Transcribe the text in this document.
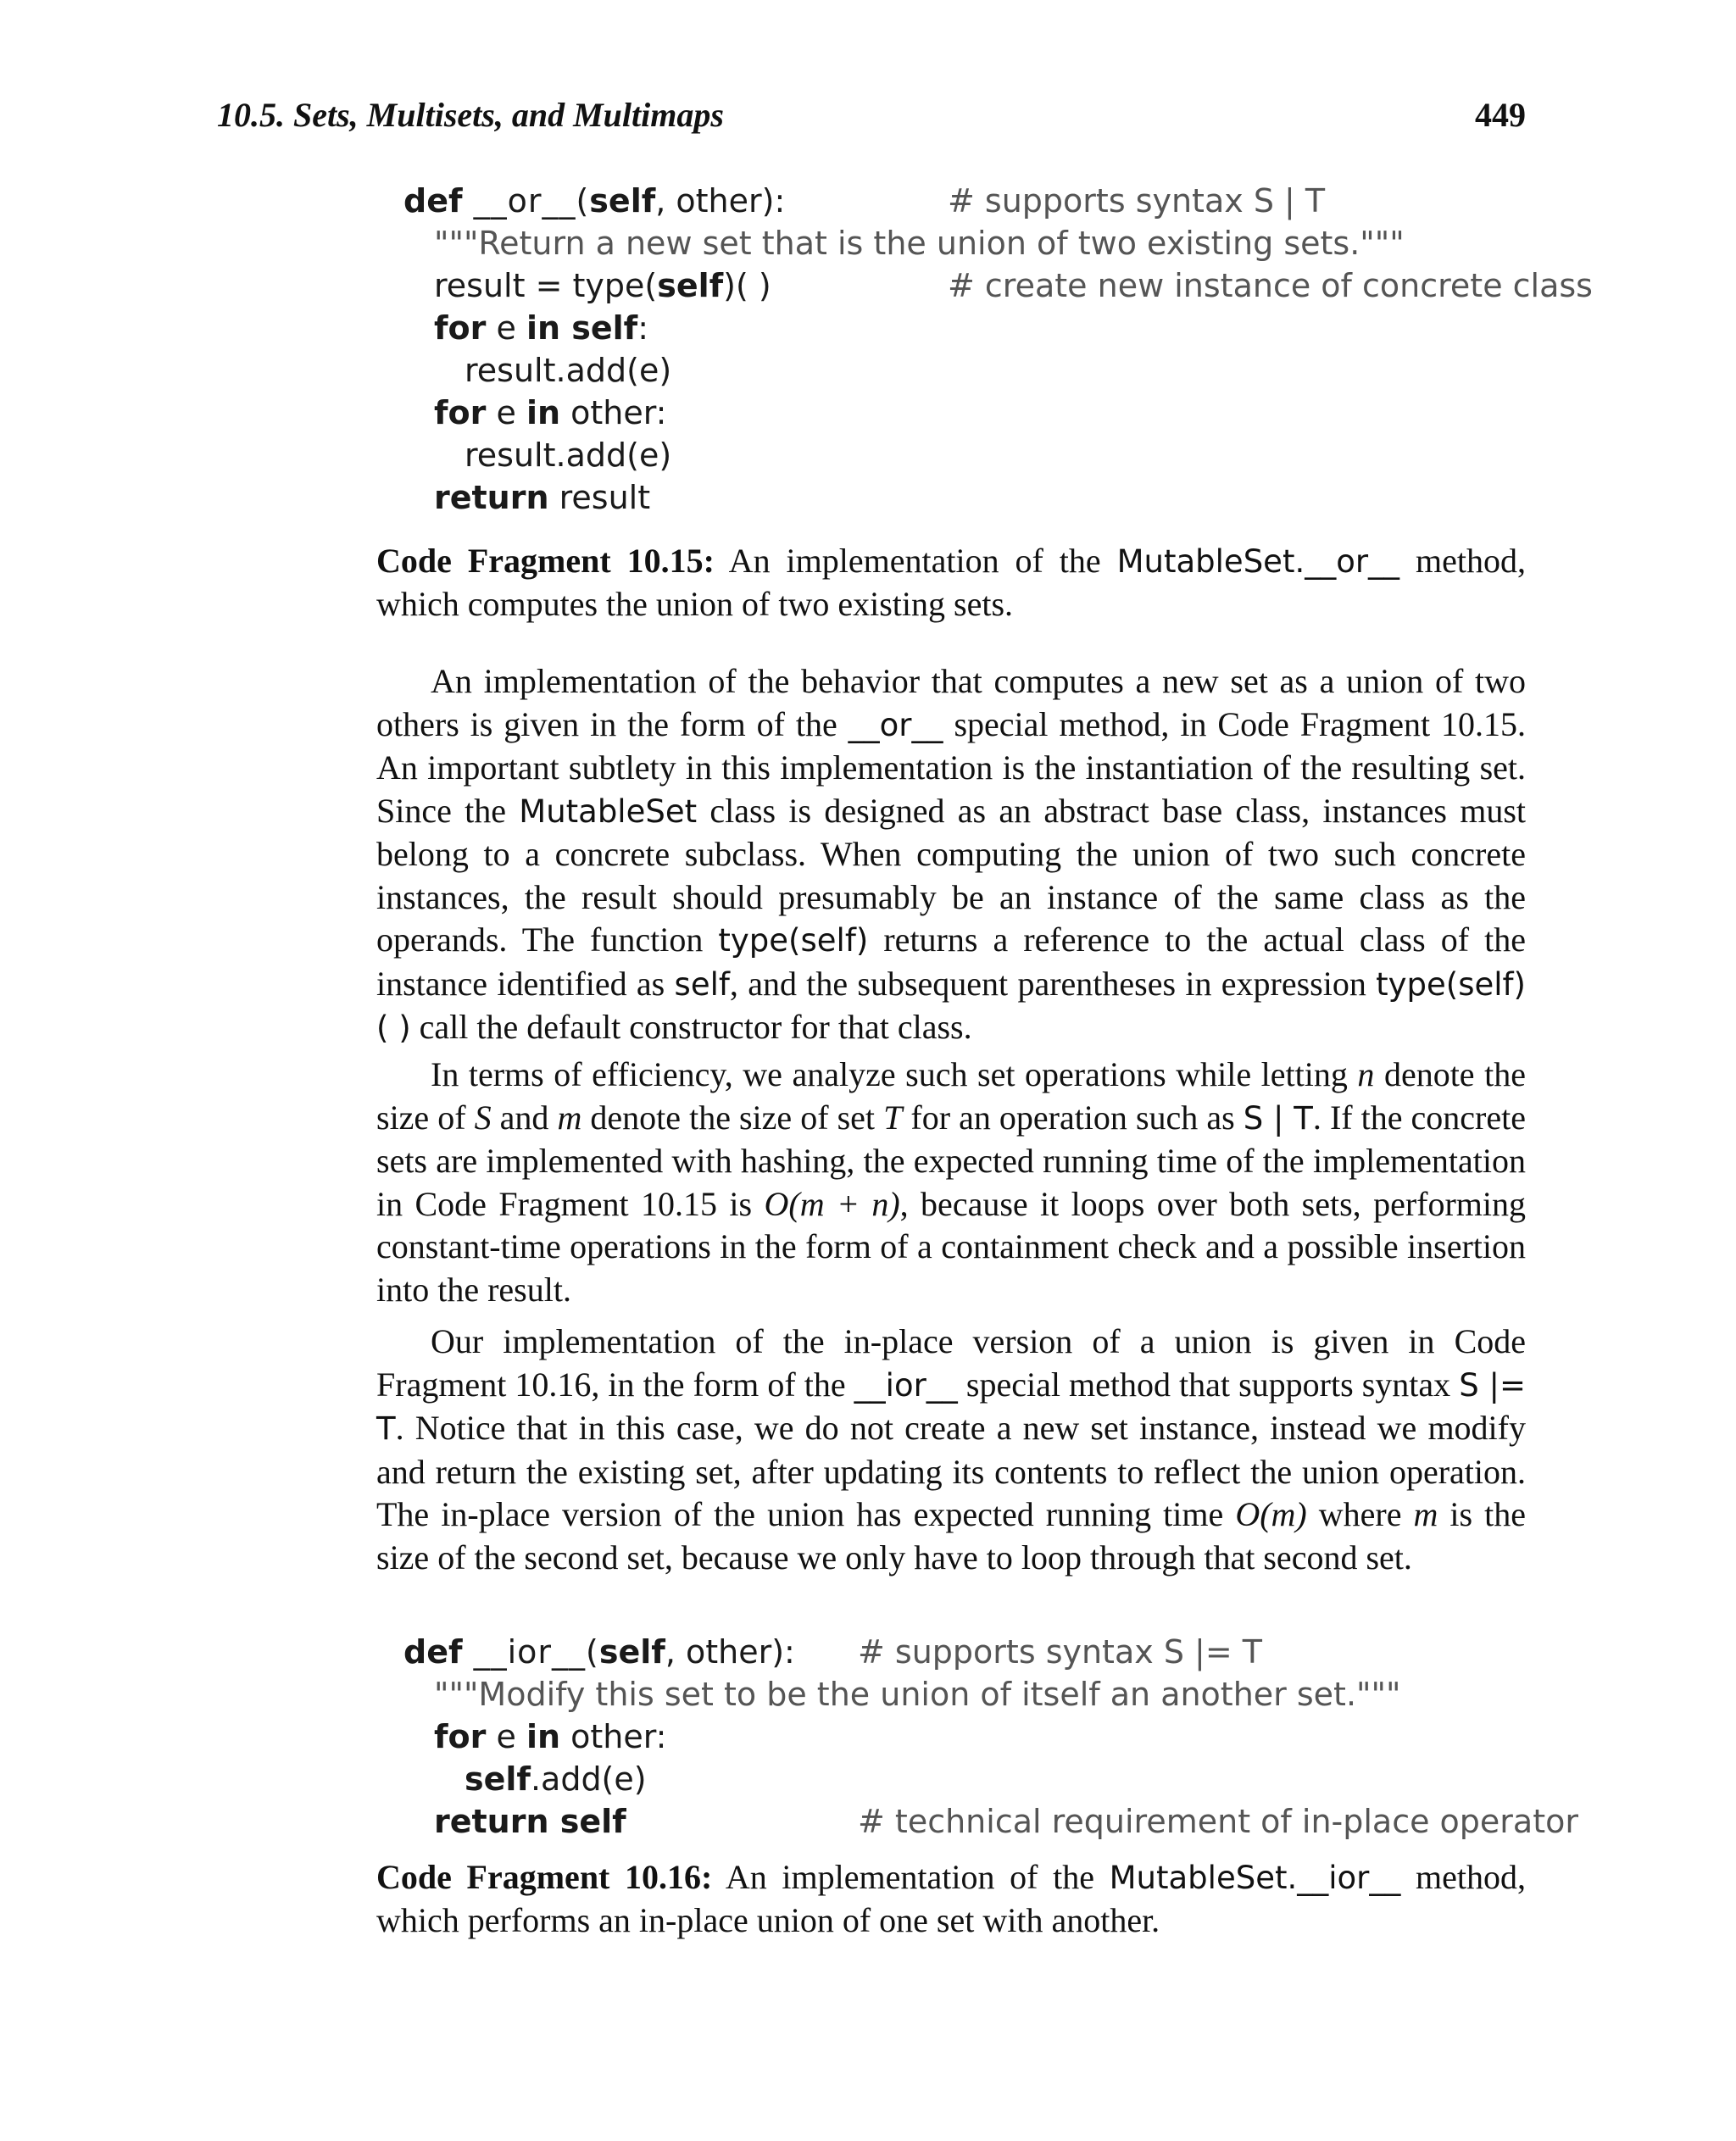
10.5. Sets, Multisets, and Multimaps	449
def __or__(self, other):	# supports syntax S | T
"""Return a new set that is the union of two existing sets."""
result = type(self)( )	# create new instance of concrete class
for e in self:
result.add(e)
for e in other:
result.add(e)
return result
Code Fragment 10.15: An implementation of the MutableSet.__or__ method, which computes the union of two existing sets.

An implementation of the behavior that computes a new set as a union of two others is given in the form of the __or__ special method, in Code Fragment 10.15. An important subtlety in this implementation is the instantiation of the resulting set. Since the MutableSet class is designed as an abstract base class, instances must belong to a concrete subclass. When computing the union of two such concrete instances, the result should presumably be an instance of the same class as the operands. The function type(self) returns a reference to the actual class of the instance identified as self, and the subsequent parentheses in expression type(self)( ) call the default constructor for that class.

In terms of efficiency, we analyze such set operations while letting n denote the size of S and m denote the size of set T for an operation such as S | T. If the concrete sets are implemented with hashing, the expected running time of the implementation in Code Fragment 10.15 is O(m + n), because it loops over both sets, performing constant-time operations in the form of a containment check and a possible insertion into the result.

Our implementation of the in-place version of a union is given in Code Fragment 10.16, in the form of the __ior__ special method that supports syntax S |= T. Notice that in this case, we do not create a new set instance, instead we modify and return the existing set, after updating its contents to reflect the union operation. The in-place version of the union has expected running time O(m) where m is the size of the second set, because we only have to loop through that second set.

def __ior__(self, other): # supports syntax S |= T
"""Modify this set to be the union of itself an another set."""
for e in other:
self.add(e)
return self	# technical requirement of in-place operator
Code Fragment 10.16: An implementation of the MutableSet.__ior__ method, which performs an in-place union of one set with another.
